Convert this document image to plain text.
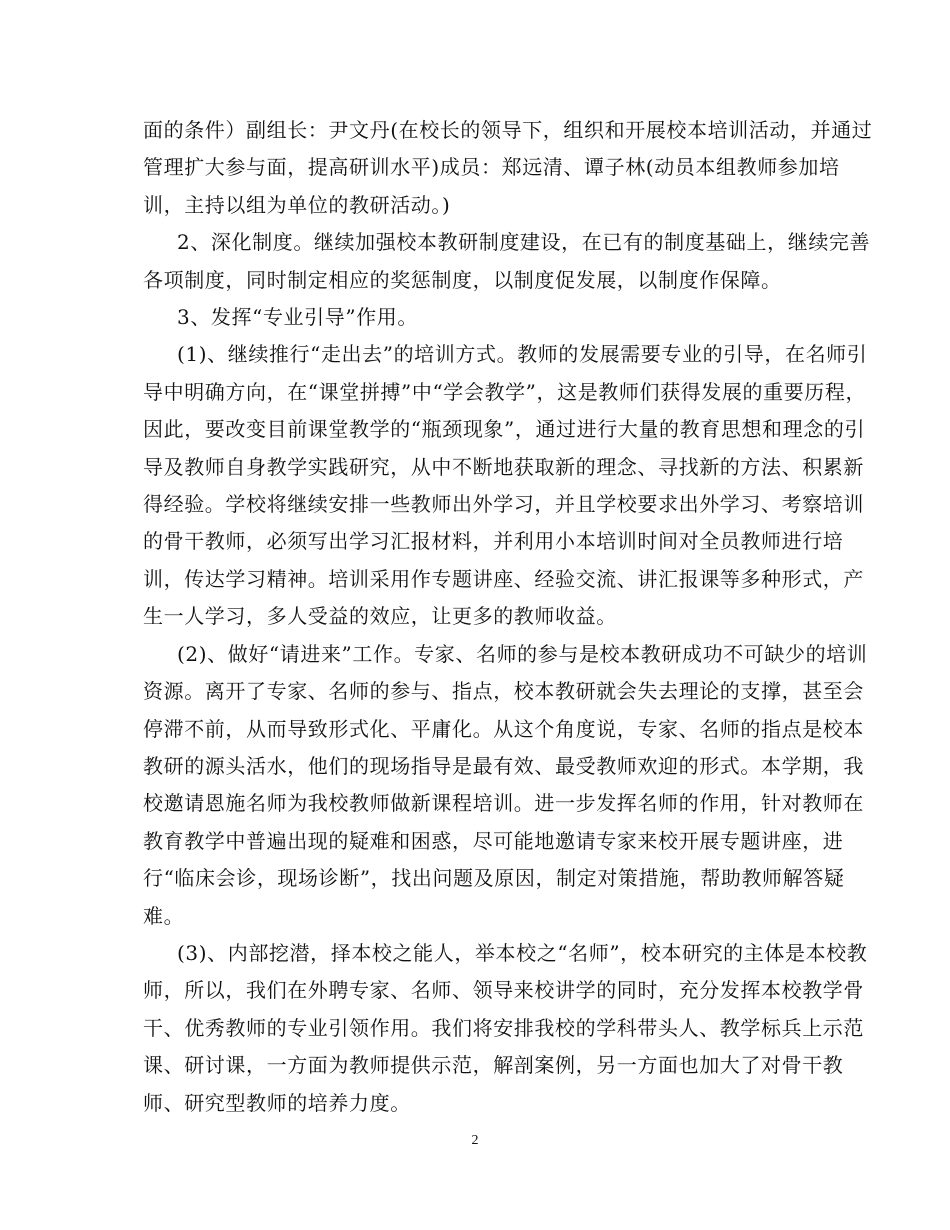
面的条件）副组长：尹文丹(在校长的领导下，组织和开展校本培训活动，并通过
管理扩大参与面，提高研训水平)成员：郑远清、谭子林(动员本组教师参加培
训，主持以组为单位的教研活动。)
2、深化制度。继续加强校本教研制度建设，在已有的制度基础上，继续完善
各项制度，同时制定相应的奖惩制度，以制度促发展，以制度作保障。
3、发挥“专业引导”作用。
(1)、继续推行“走出去”的培训方式。教师的发展需要专业的引导，在名师引
导中明确方向，在“课堂拼搏”中“学会教学”，这是教师们获得发展的重要历程，
因此，要改变目前课堂教学的“瓶颈现象”，通过进行大量的教育思想和理念的引
导及教师自身教学实践研究，从中不断地获取新的理念、寻找新的方法、积累新
得经验。学校将继续安排一些教师出外学习，并且学校要求出外学习、考察培训
的骨干教师，必须写出学习汇报材料，并利用小本培训时间对全员教师进行培
训，传达学习精神。培训采用作专题讲座、经验交流、讲汇报课等多种形式，产
生一人学习，多人受益的效应，让更多的教师收益。
(2)、做好“请进来”工作。专家、名师的参与是校本教研成功不可缺少的培训
资源。离开了专家、名师的参与、指点，校本教研就会失去理论的支撑，甚至会
停滞不前，从而导致形式化、平庸化。从这个角度说，专家、名师的指点是校本
教研的源头活水，他们的现场指导是最有效、最受教师欢迎的形式。本学期，我
校邀请恩施名师为我校教师做新课程培训。进一步发挥名师的作用，针对教师在
教育教学中普遍出现的疑难和困惑，尽可能地邀请专家来校开展专题讲座，进
行“临床会诊，现场诊断”，找出问题及原因，制定对策措施，帮助教师解答疑
难。
(3)、内部挖潜，择本校之能人，举本校之“名师”，校本研究的主体是本校教
师，所以，我们在外聘专家、名师、领导来校讲学的同时，充分发挥本校教学骨
干、优秀教师的专业引领作用。我们将安排我校的学科带头人、教学标兵上示范
课、研讨课，一方面为教师提供示范，解剖案例，另一方面也加大了对骨干教
师、研究型教师的培养力度。
2
